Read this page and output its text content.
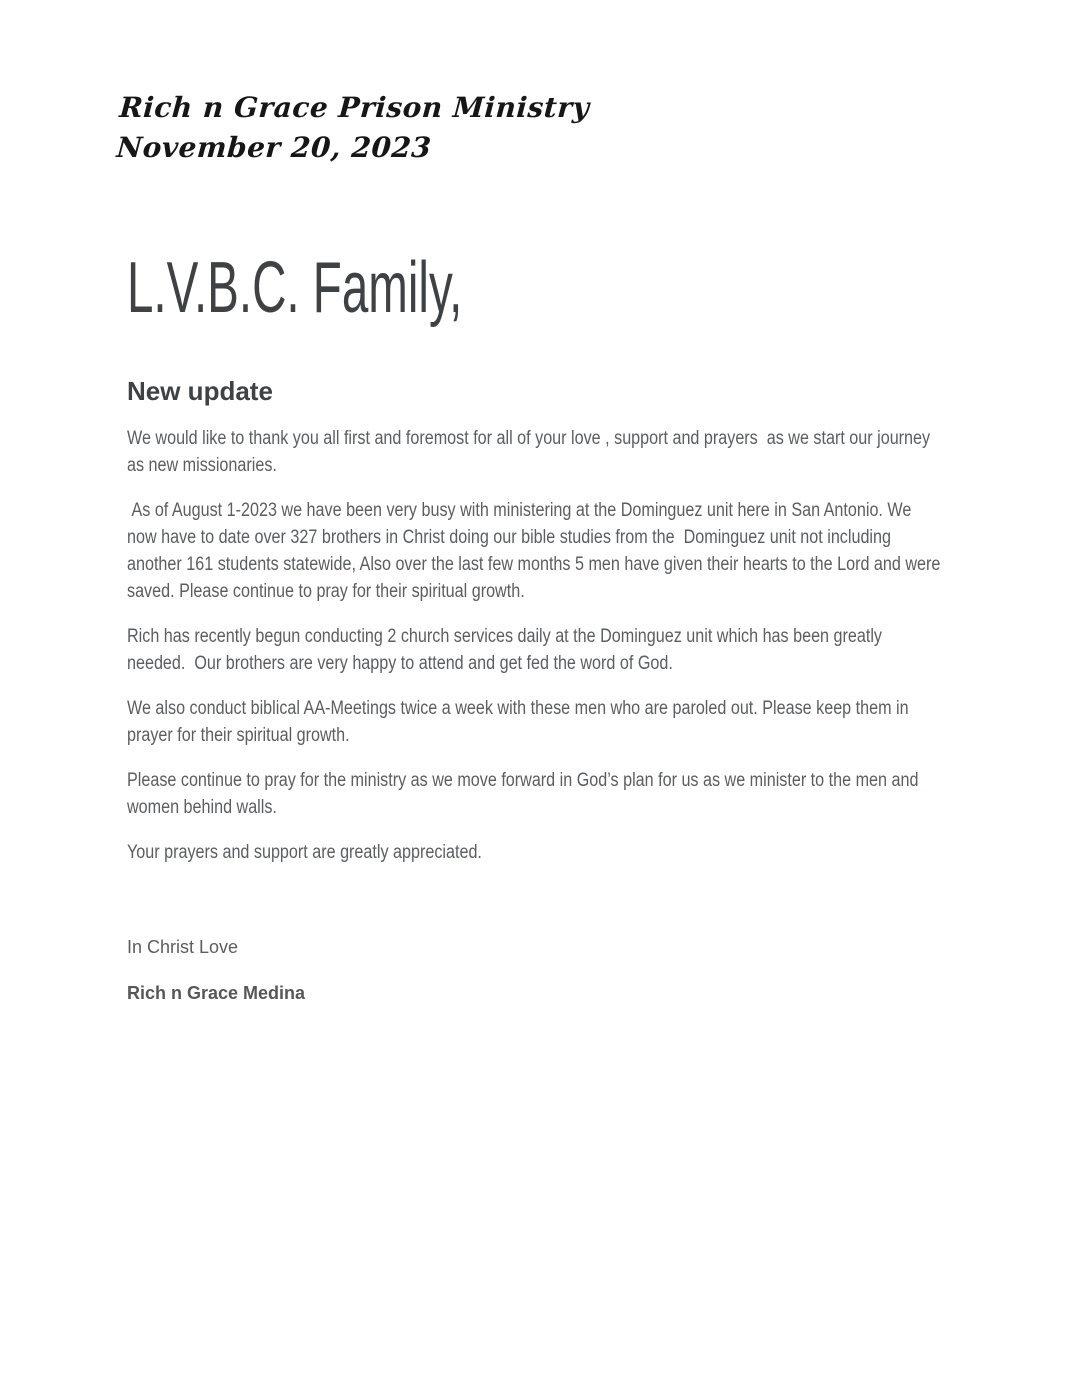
Rich n Grace Prison Ministry
November 20, 2023
L.V.B.C. Family,
New update

We would like to thank you all first and foremost for all of your love , support and prayers  as we start our journey as new missionaries.

As of August 1-2023 we have been very busy with ministering at the Dominguez unit here in San Antonio. We now have to date over 327 brothers in Christ doing our bible studies from the  Dominguez unit not including another 161 students statewide, Also over the last few months 5 men have given their hearts to the Lord and were saved. Please continue to pray for their spiritual growth.

Rich has recently begun conducting 2 church services daily at the Dominguez unit which has been greatly needed.  Our brothers are very happy to attend and get fed the word of God.

We also conduct biblical AA-Meetings twice a week with these men who are paroled out. Please keep them in prayer for their spiritual growth.

Please continue to pray for the ministry as we move forward in God’s plan for us as we minister to the men and women behind walls.

Your prayers and support are greatly appreciated.

In Christ Love

Rich n Grace Medina
